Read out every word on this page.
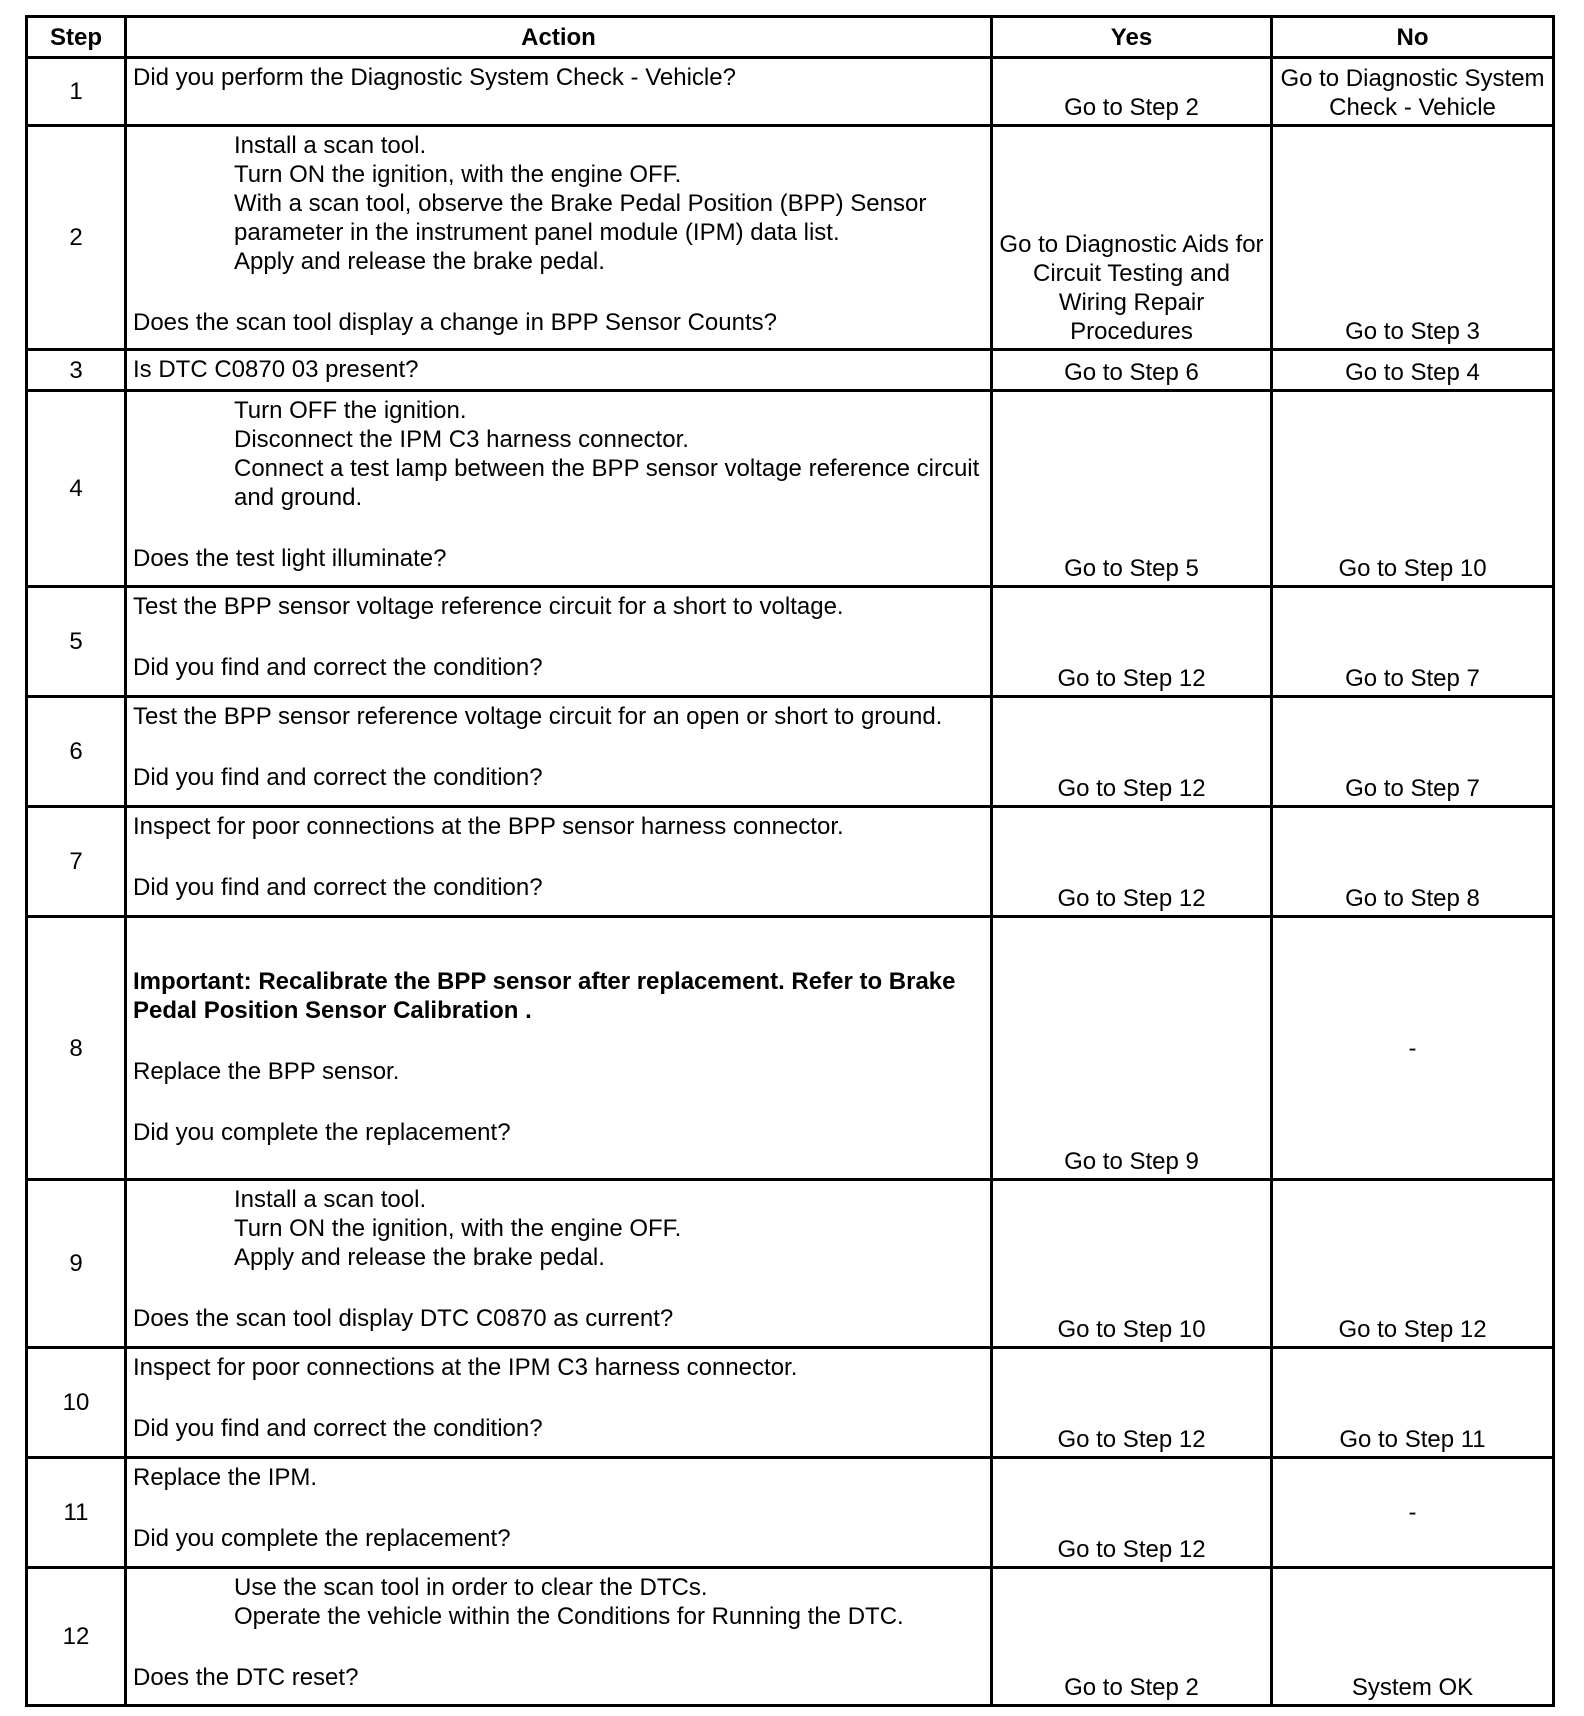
Step	Action	Yes	No
1	Did you perform the Diagnostic System Check - Vehicle?	Go to Step 2	Go to Diagnostic System Check - Vehicle
2	Install a scan tool.
Turn ON the ignition, with the engine OFF.
With a scan tool, observe the Brake Pedal Position (BPP) Sensor parameter in the instrument panel module (IPM) data list.
Apply and release the brake pedal.
Does the scan tool display a change in BPP Sensor Counts?	Go to Diagnostic Aids for Circuit Testing and Wiring Repair Procedures	Go to Step 3
3	Is DTC C0870 03 present?	Go to Step 6	Go to Step 4
4	Turn OFF the ignition.
Disconnect the IPM C3 harness connector.
Connect a test lamp between the BPP sensor voltage reference circuit and ground.
Does the test light illuminate?	Go to Step 5	Go to Step 10
5	Test the BPP sensor voltage reference circuit for a short to voltage.
Did you find and correct the condition?	Go to Step 12	Go to Step 7
6	Test the BPP sensor reference voltage circuit for an open or short to ground.
Did you find and correct the condition?	Go to Step 12	Go to Step 7
7	Inspect for poor connections at the BPP sensor harness connector.
Did you find and correct the condition?	Go to Step 12	Go to Step 8
8	Important: Recalibrate the BPP sensor after replacement. Refer to Brake Pedal Position Sensor Calibration .
Replace the BPP sensor.
Did you complete the replacement?	Go to Step 9	-
9	Install a scan tool.
Turn ON the ignition, with the engine OFF.
Apply and release the brake pedal.
Does the scan tool display DTC C0870 as current?	Go to Step 10	Go to Step 12
10	Inspect for poor connections at the IPM C3 harness connector.
Did you find and correct the condition?	Go to Step 12	Go to Step 11
11	Replace the IPM.
Did you complete the replacement?	Go to Step 12	-
12	Use the scan tool in order to clear the DTCs.
Operate the vehicle within the Conditions for Running the DTC.
Does the DTC reset?	Go to Step 2	System OK
